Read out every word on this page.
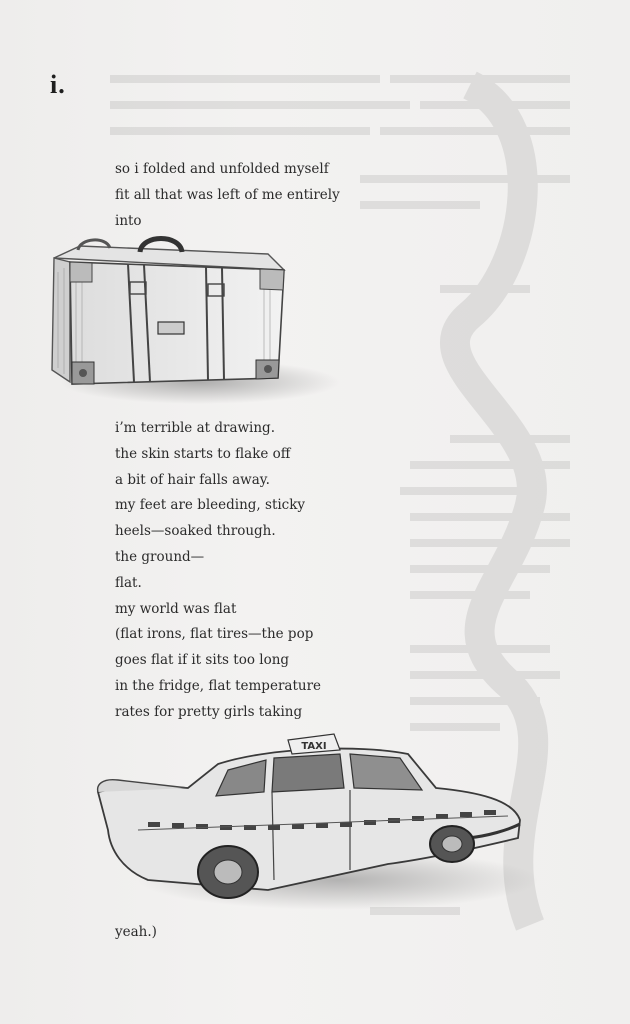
i.
so i folded and unfolded myself
fit all that was left of me entirely
into
i’m terrible at drawing.
the skin starts to flake off
a bit of hair falls away.
my feet are bleeding, sticky
heels—soaked through.
the ground—
flat.
my world was flat
(flat irons, flat tires—the pop
goes flat if it sits too long
in the fridge, flat temperature
rates for pretty girls taking
TAXI
yeah.)
